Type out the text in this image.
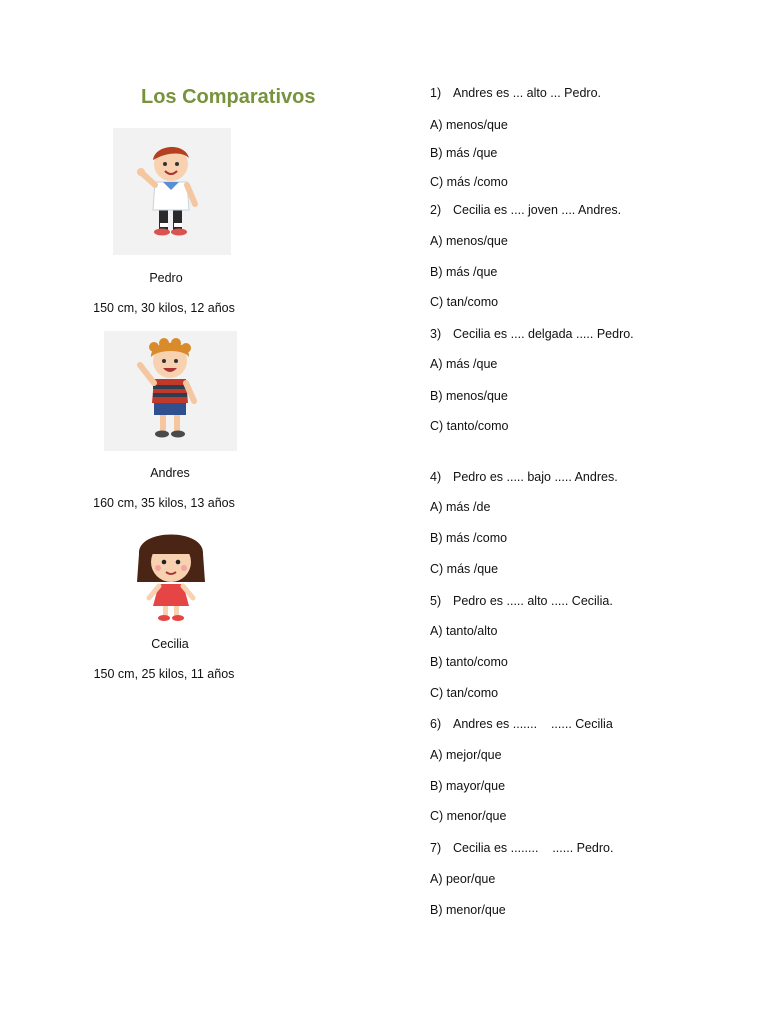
Los Comparativos
Pedro
150 cm, 30 kilos, 12 años
Andres
160 cm, 35 kilos, 13 años
Cecilia
150 cm, 25 kilos, 11 años
1) Andres es ... alto ... Pedro.
A) menos/que
B) más /que
C) más /como
2) Cecilia es .... joven .... Andres.
A) menos/que
B) más /que
C) tan/como
3) Cecilia es .... delgada ..... Pedro.
A) más /que
B) menos/que
C) tanto/como
4) Pedro es ..... bajo ..... Andres.
A) más /de
B) más /como
C) más /que
5) Pedro es ..... alto ..... Cecilia.
A) tanto/alto
B) tanto/como
C) tan/como
6) Andres es .......    ...... Cecilia
A) mejor/que
B) mayor/que
C) menor/que
7) Cecilia es ........    ...... Pedro.
A) peor/que
B) menor/que
